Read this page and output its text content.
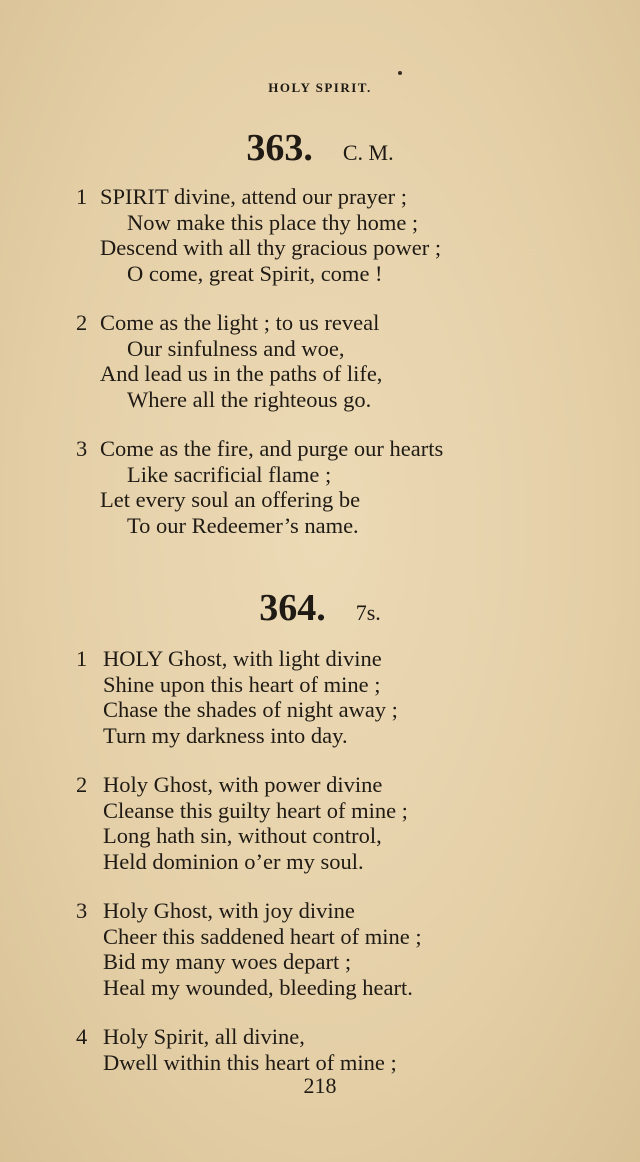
HOLY SPIRIT.
363. C. M.
1 SPIRIT divine, attend our prayer ;
Now make this place thy home ;
Descend with all thy gracious power ;
O come, great Spirit, come !
2 Come as the light ; to us reveal
Our sinfulness and woe,
And lead us in the paths of life,
Where all the righteous go.
3 Come as the fire, and purge our hearts
Like sacrificial flame ;
Let every soul an offering be
To our Redeemer’s name.
364. 7s.
1 HOLY Ghost, with light divine
Shine upon this heart of mine ;
Chase the shades of night away ;
Turn my darkness into day.
2 Holy Ghost, with power divine
Cleanse this guilty heart of mine ;
Long hath sin, without control,
Held dominion o’er my soul.
3 Holy Ghost, with joy divine
Cheer this saddened heart of mine ;
Bid my many woes depart ;
Heal my wounded, bleeding heart.
4 Holy Spirit, all divine,
Dwell within this heart of mine ;
218
